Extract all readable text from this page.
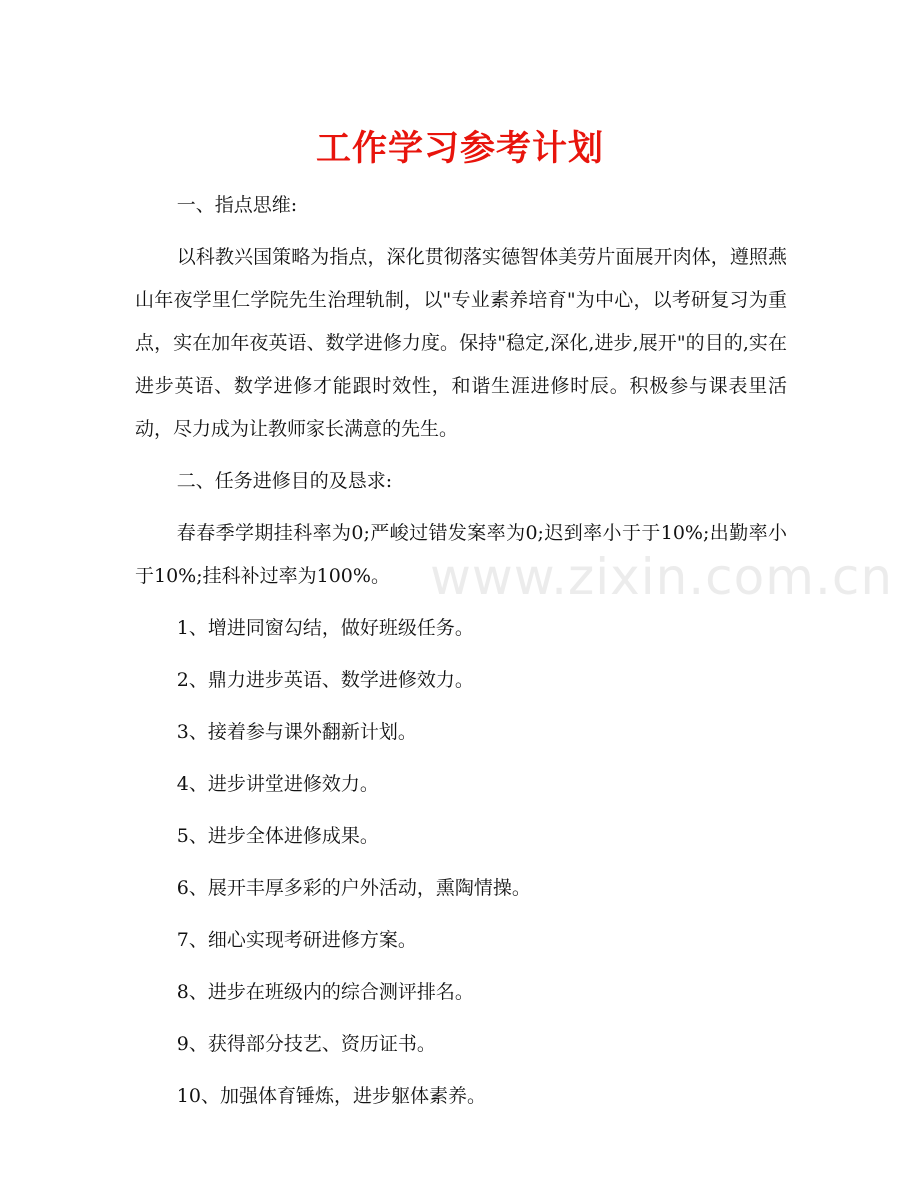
工作学习参考计划

一、指点思维:

以科教兴国策略为指点，深化贯彻落实德智体美劳片面展开肉体，遵照燕山年夜学里仁学院先生治理轨制，以"专业素养培育"为中心，以考研复习为重点，实在加年夜英语、数学进修力度。保持"稳定,深化,进步,展开"的目的,实在进步英语、数学进修才能跟时效性，和谐生涯进修时辰。积极参与课表里活动，尽力成为让教师家长满意的先生。

二、任务进修目的及恳求:

春春季学期挂科率为0;严峻过错发案率为0;迟到率小于于10%;出勤率小于10%;挂科补过率为100%。

1、增进同窗勾结，做好班级任务。

2、鼎力进步英语、数学进修效力。

3、接着参与课外翻新计划。

4、进步讲堂进修效力。

5、进步全体进修成果。

6、展开丰厚多彩的户外活动，熏陶情操。

7、细心实现考研进修方案。

8、进步在班级内的综合测评排名。

9、获得部分技艺、资历证书。

10、加强体育锤炼，进步躯体素养。

www.zixin.com.cn
